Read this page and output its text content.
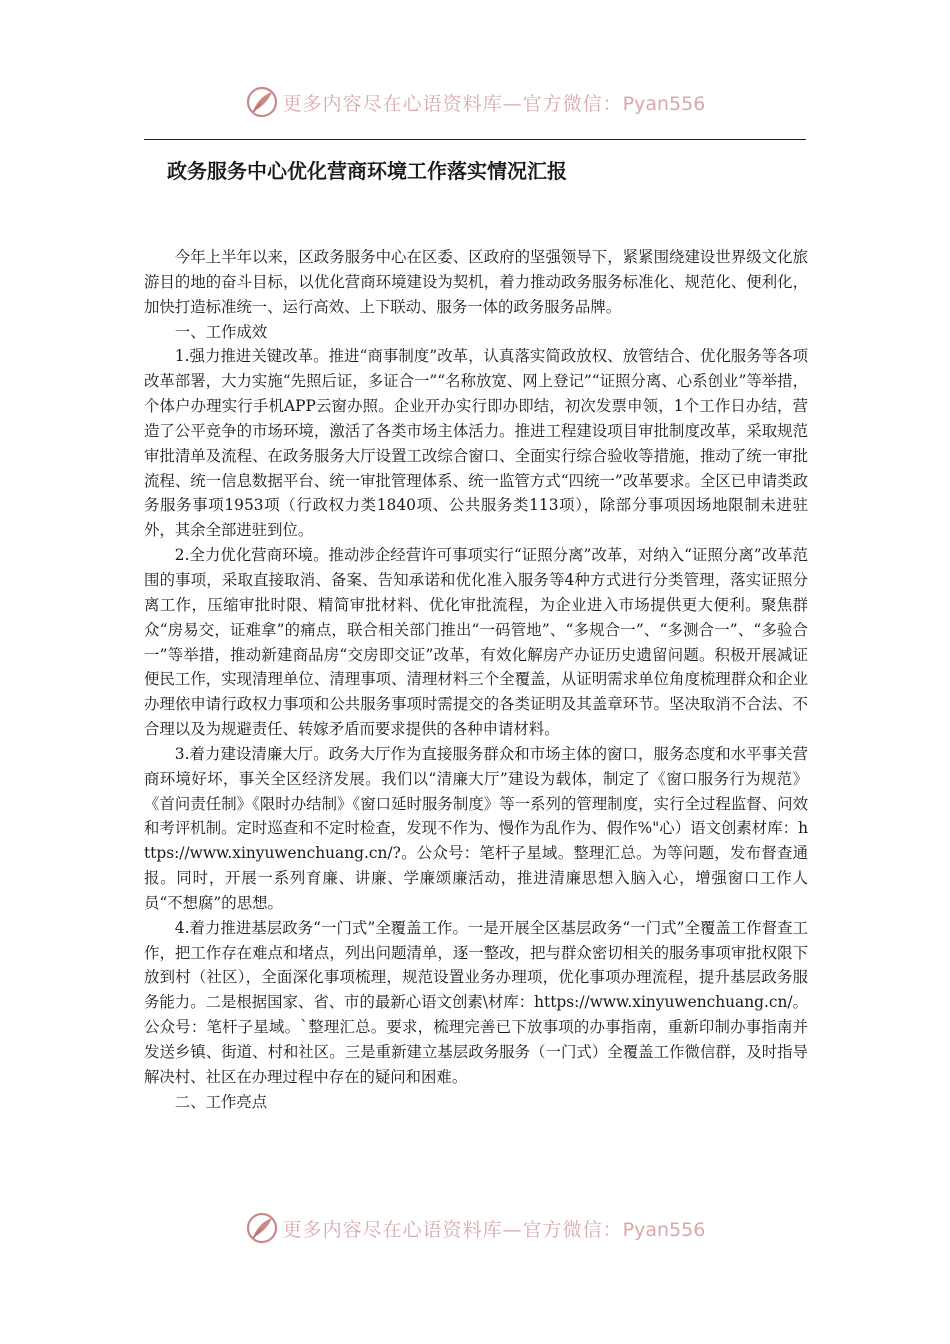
更多内容尽在心语资料库—官方微信：Pyan556
政务服务中心优化营商环境工作落实情况汇报

今年上半年以来，区政务服务中心在区委、区政府的坚强领导下，紧紧围绕建设世界级文化旅游目的地的奋斗目标，以优化营商环境建设为契机，着力推动政务服务标准化、规范化、便利化，加快打造标准统一、运行高效、上下联动、服务一体的政务服务品牌。

一、工作成效

1.强力推进关键改革。推进“商事制度”改革，认真落实简政放权、放管结合、优化服务等各项改革部署，大力实施“先照后证，多证合一”“名称放宽、网上登记”“证照分离、心系创业”等举措，个体户办理实行手机APP云窗办照。企业开办实行即办即结，初次发票申领，1个工作日办结，营造了公平竞争的市场环境，激活了各类市场主体活力。推进工程建设项目审批制度改革，采取规范审批清单及流程、在政务服务大厅设置工改综合窗口、全面实行综合验收等措施，推动了统一审批流程、统一信息数据平台、统一审批管理体系、统一监管方式“四统一”改革要求。全区已申请类政务服务事项1953项（行政权力类1840项、公共服务类113项），除部分事项因场地限制未进驻外，其余全部进驻到位。

2.全力优化营商环境。推动涉企经营许可事项实行“证照分离”改革，对纳入“证照分离”改革范围的事项，采取直接取消、备案、告知承诺和优化准入服务等4种方式进行分类管理，落实证照分离工作，压缩审批时限、精简审批材料、优化审批流程，为企业进入市场提供更大便利。聚焦群众“房易交，证难拿”的痛点，联合相关部门推出“一码管地”、“多规合一”、“多测合一”、“多验合一”等举措，推动新建商品房“交房即交证”改革，有效化解房产办证历史遗留问题。积极开展减证便民工作，实现清理单位、清理事项、清理材料三个全覆盖，从证明需求单位角度梳理群众和企业办理依申请行政权力事项和公共服务事项时需提交的各类证明及其盖章环节。坚决取消不合法、不合理以及为规避责任、转嫁矛盾而要求提供的各种申请材料。

3.着力建设清廉大厅。政务大厅作为直接服务群众和市场主体的窗口，服务态度和水平事关营商环境好坏，事关全区经济发展。我们以“清廉大厅”建设为载体，制定了《窗口服务行为规范》《首问责任制》《限时办结制》《窗口延时服务制度》等一系列的管理制度，实行全过程监督、问效和考评机制。定时巡查和不定时检查，发现不作为、慢作为乱作为、假作%"心）语文创素材库：https://www.xinyuwenchuang.cn/?。公众号：笔杆子星域。整理汇总。为等问题，发布督查通报。同时，开展一系列育廉、讲廉、学廉颂廉活动，推进清廉思想入脑入心，增强窗口工作人员“不想腐”的思想。

4.着力推进基层政务“一门式”全覆盖工作。一是开展全区基层政务“一门式”全覆盖工作督查工作，把工作存在难点和堵点，列出问题清单，逐一整改，把与群众密切相关的服务事项审批权限下放到村（社区），全面深化事项梳理，规范设置业务办理项，优化事项办理流程，提升基层政务服务能力。二是根据国家、省、市的最新心语文创素\材库：https://www.xinyuwenchuang.cn/。公众号：笔杆子星域。`整理汇总。要求，梳理完善已下放事项的办事指南，重新印制办事指南并发送乡镇、街道、村和社区。三是重新建立基层政务服务（一门式）全覆盖工作微信群，及时指导解决村、社区在办理过程中存在的疑问和困难。

二、工作亮点

更多内容尽在心语资料库—官方微信：Pyan556
